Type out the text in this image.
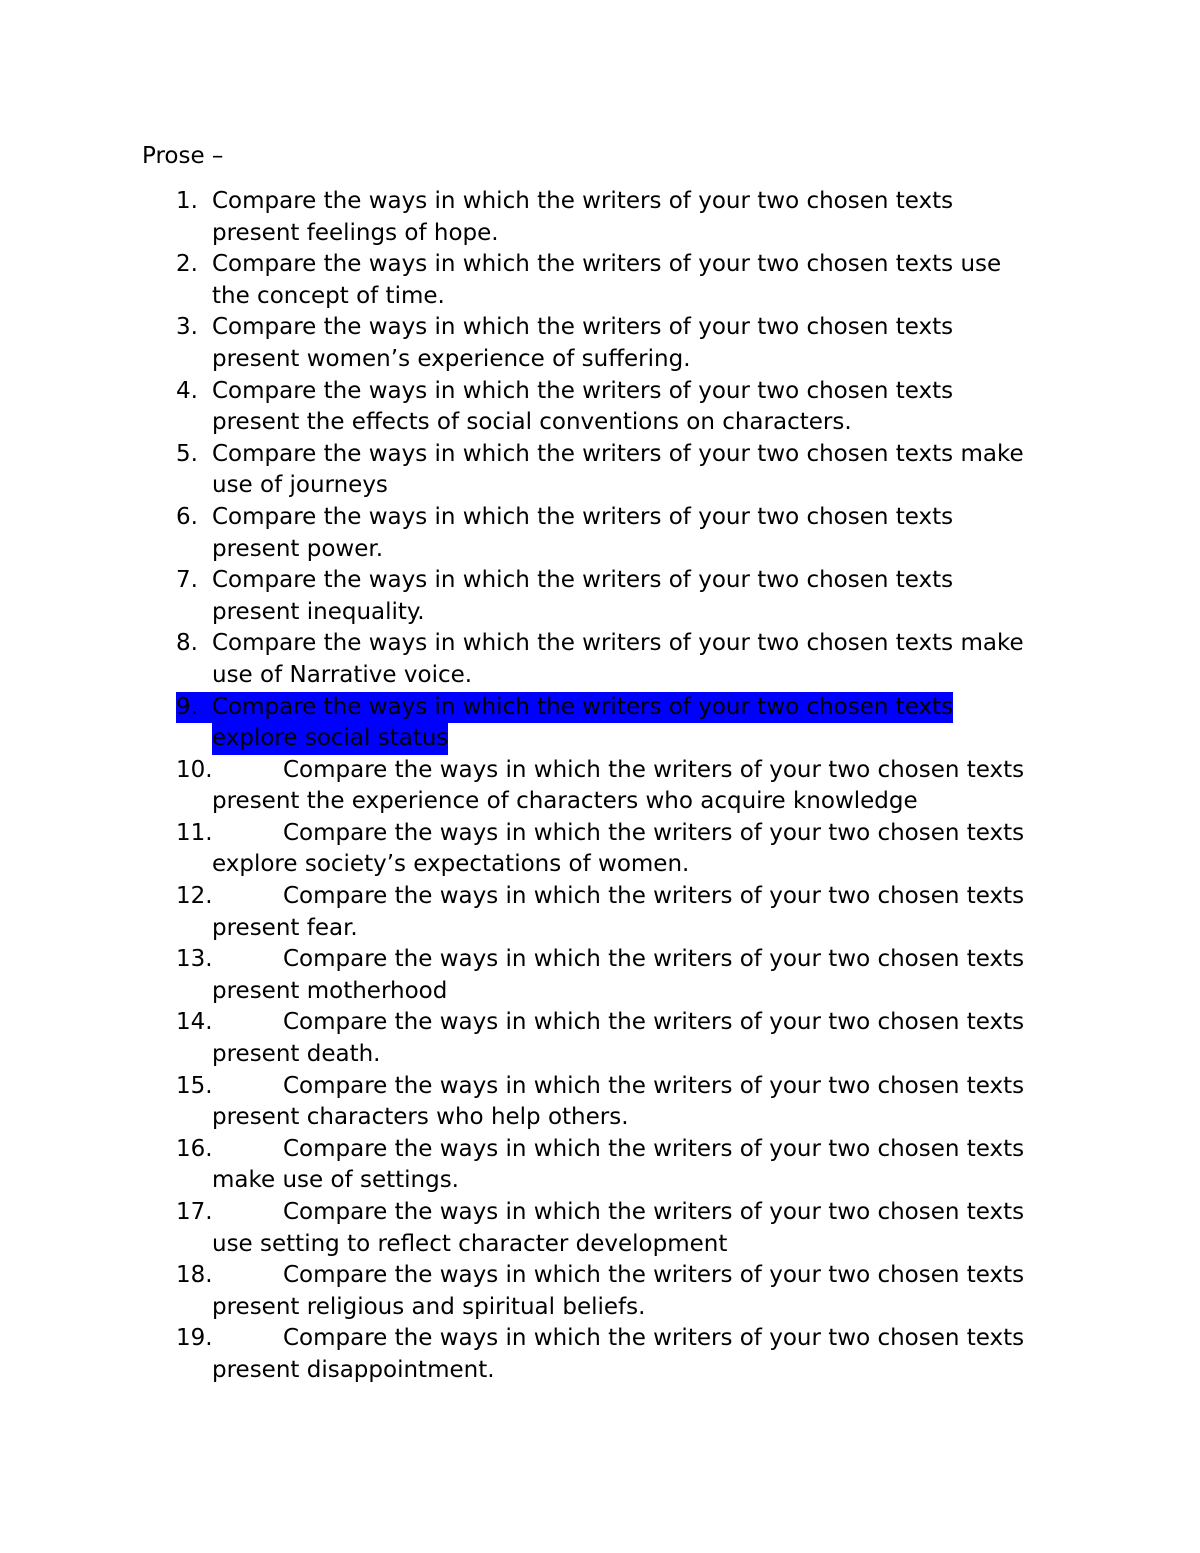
Prose –
1. Compare the ways in which the writers of your two chosen texts
present feelings of hope.
2. Compare the ways in which the writers of your two chosen texts use
the concept of time.
3. Compare the ways in which the writers of your two chosen texts
present women’s experience of suffering.
4. Compare the ways in which the writers of your two chosen texts
present the effects of social conventions on characters.
5. Compare the ways in which the writers of your two chosen texts make
use of journeys
6. Compare the ways in which the writers of your two chosen texts
present power.
7. Compare the ways in which the writers of your two chosen texts
present inequality.
8. Compare the ways in which the writers of your two chosen texts make
use of Narrative voice.
9. Compare the ways in which the writers of your two chosen texts
explore social status
10.	Compare the ways in which the writers of your two chosen texts
present the experience of characters who acquire knowledge
11.	Compare the ways in which the writers of your two chosen texts
explore society’s expectations of women.
12.	Compare the ways in which the writers of your two chosen texts
present fear.
13.	Compare the ways in which the writers of your two chosen texts
present motherhood
14.	Compare the ways in which the writers of your two chosen texts
present death.
15.	Compare the ways in which the writers of your two chosen texts
present characters who help others.
16.	Compare the ways in which the writers of your two chosen texts
make use of settings.
17.	Compare the ways in which the writers of your two chosen texts
use setting to reflect character development
18.	Compare the ways in which the writers of your two chosen texts
present religious and spiritual beliefs.
19.	Compare the ways in which the writers of your two chosen texts
present disappointment.
